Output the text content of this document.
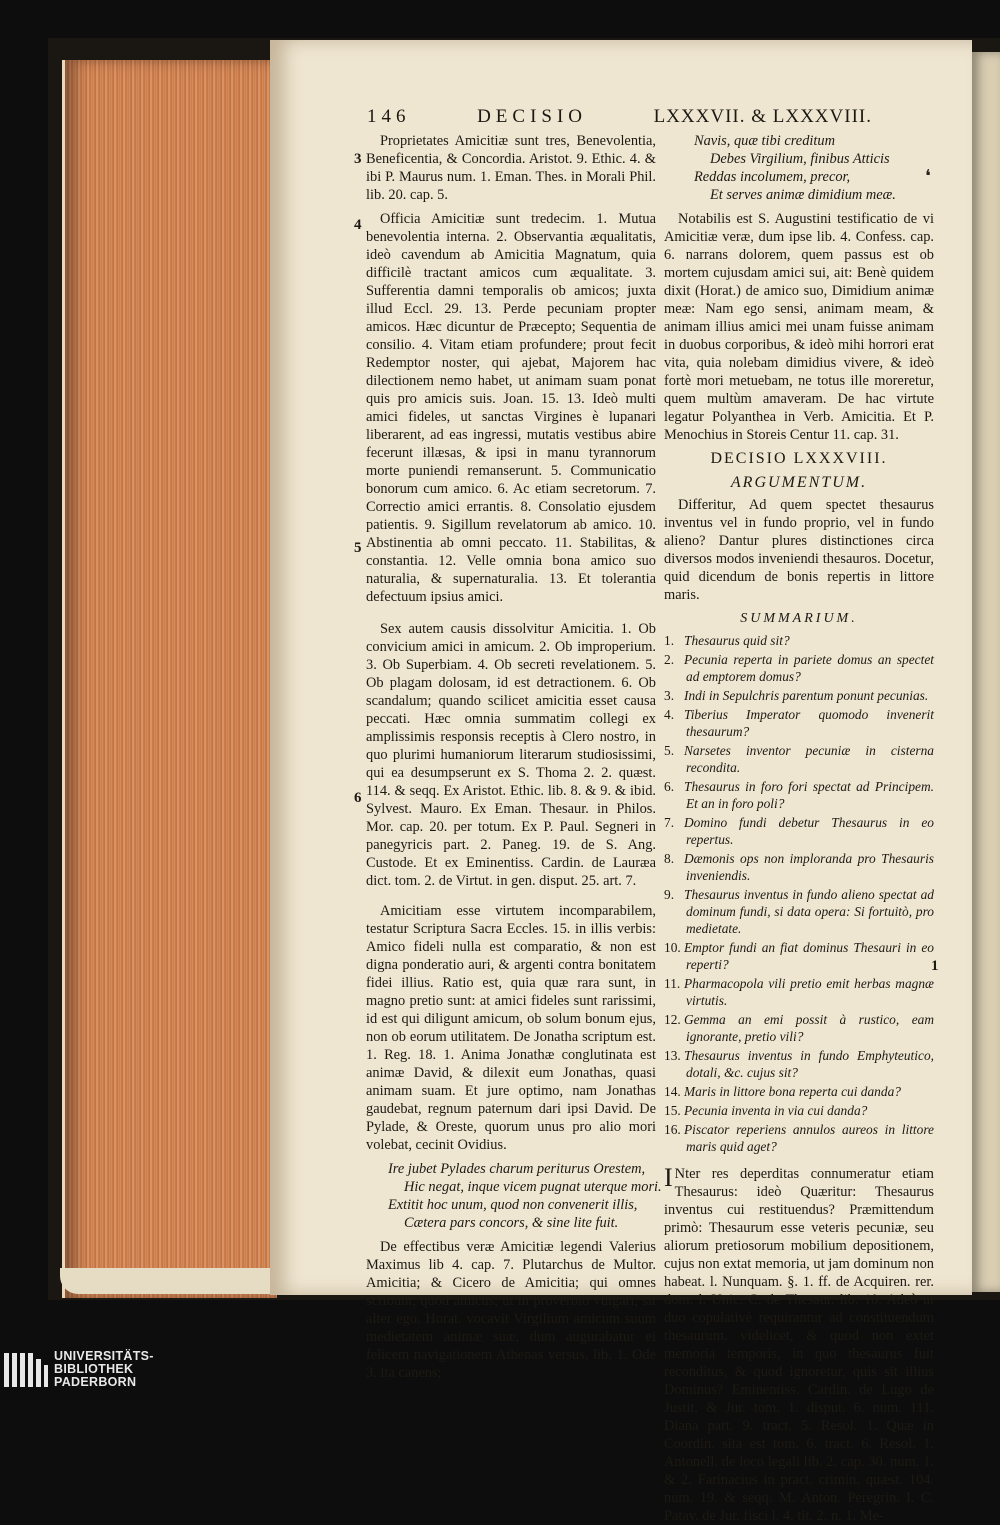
146	DECISIO	LXXXVII. & LXXXVIII.
3
4
5
6
1
❛

Proprietates Amicitiæ sunt tres, Benevolentia, Beneficentia, & Concordia. Aristot. 9. Ethic. 4. & ibi P. Maurus num. 1. Eman. Thes. in Morali Phil. lib. 20. cap. 5.

Officia Amicitiæ sunt tredecim. 1. Mutua benevolentia interna. 2. Observantia æqualitatis, ideò cavendum ab Amicitia Magnatum, quia difficilè tractant amicos cum æqualitate. 3. Sufferentia damni temporalis ob amicos; juxta illud Eccl. 29. 13. Perde pecuniam propter amicos. Hæc dicuntur de Præcepto; Sequentia de consilio. 4. Vitam etiam profundere; prout fecit Redemptor noster, qui ajebat, Majorem hac dilectionem nemo habet, ut animam suam ponat quis pro amicis suis. Joan. 15. 13. Ideò multi amici fideles, ut sanctas Virgines è lupanari liberarent, ad eas ingressi, mutatis vestibus abire fecerunt illæsas, & ipsi in manu tyrannorum morte puniendi remanserunt. 5. Communicatio bonorum cum amico. 6. Ac etiam secretorum. 7. Correctio amici errantis. 8. Consolatio ejusdem patientis. 9. Sigillum revelatorum ab amico. 10. Abstinentia ab omni peccato. 11. Stabilitas, & constantia. 12. Velle omnia bona amico suo naturalia, & supernaturalia. 13. Et tolerantia defectuum ipsius amici.

Sex autem causis dissolvitur Amicitia. 1. Ob convicium amici in amicum. 2. Ob improperium. 3. Ob Superbiam. 4. Ob secreti revelationem. 5. Ob plagam dolosam, id est detractionem. 6. Ob scandalum; quando scilicet amicitia esset causa peccati. Hæc omnia summatim collegi ex amplissimis responsis receptis à Clero nostro, in quo plurimi humaniorum literarum studiosissimi, qui ea desumpserunt ex S. Thoma 2. 2. quæst. 114. & seqq. Ex Aristot. Ethic. lib. 8. & 9. & ibid. Sylvest. Mauro. Ex Eman. Thesaur. in Philos. Mor. cap. 20. per totum. Ex P. Paul. Segneri in panegyricis part. 2. Paneg. 19. de S. Ang. Custode. Et ex Eminentiss. Cardin. de Lauræa dict. tom. 2. de Virtut. in gen. disput. 25. art. 7.

Amicitiam esse virtutem incomparabilem, testatur Scriptura Sacra Eccles. 15. in illis verbis: Amico fideli nulla est comparatio, & non est digna ponderatio auri, & argenti contra bonitatem fidei illius. Ratio est, quia quæ rara sunt, in magno pretio sunt: at amici fideles sunt rarissimi, id est qui diligunt amicum, ob solum bonum ejus, non ob eorum utilitatem. De Jonatha scriptum est. 1. Reg. 18. 1. Anima Jonathæ conglutinata est animæ David, & dilexit eum Jonathas, quasi animam suam. Et jure optimo, nam Jonathas gaudebat, regnum paternum dari ipsi David. De Pylade, & Oreste, quorum unus pro alio mori volebat, cecinit Ovidius.

Ire jubet Pylades charum periturus Orestem,
Hic negat, inque vicem pugnat uterque mori.
Extitit hoc unum, quod non convenerit illis,
Cætera pars concors, & sine lite fuit.

De effectibus veræ Amicitiæ legendi Valerius Maximus lib 4. cap. 7. Plutarchus de Multor. Amicitia; & Cicero de Amicitia; qui omnes scribunt, quod amicus, ut in proverbio vulgari, sit alter ego. Horat. vocavit Virgilium amicum suum medietatem animæ suæ, dum augurabatur ei felicem navigationem Athenas versus, lib. 1. Ode 3. ita canens;

Navis, quæ tibi creditum
Debes Virgilium, finibus Atticis
Reddas incolumem, precor,
Et serves animæ dimidium meæ.

Notabilis est S. Augustini testificatio de vi Amicitiæ veræ, dum ipse lib. 4. Confess. cap. 6. narrans dolorem, quem passus est ob mortem cujusdam amici sui, ait: Benè quidem dixit (Horat.) de amico suo, Dimidium animæ meæ: Nam ego sensi, animam meam, & animam illius amici mei unam fuisse animam in duobus corporibus, & ideò mihi horrori erat vita, quia nolebam dimidius vivere, & ideò fortè mori metuebam, ne totus ille moreretur, quem multùm amaveram. De hac virtute legatur Polyanthea in Verb. Amicitia. Et P. Menochius in Storeis Centur 11. cap. 31.

DECISIO LXXXVIII.

ARGUMENTUM.

Differitur, Ad quem spectet thesaurus inventus vel in fundo proprio, vel in fundo alieno? Dantur plures distinctiones circa diversos modos inveniendi thesauros. Docetur, quid dicendum de bonis repertis in littore maris.

SUMMARIUM.

1. Thesaurus quid sit?
2. Pecunia reperta in pariete domus an spectet ad emptorem domus?
3. Indi in Sepulchris parentum ponunt pecunias.
4. Tiberius Imperator quomodo invenerit thesaurum?
5. Narsetes inventor pecuniæ in cisterna recondita.
6. Thesaurus in foro fori spectat ad Principem. Et an in foro poli?
7. Domino fundi debetur Thesaurus in eo repertus.
8. Dæmonis ops non imploranda pro Thesauris inveniendis.
9. Thesaurus inventus in fundo alieno spectat ad dominum fundi, si data opera: Si fortuitò, pro medietate.
10. Emptor fundi an fiat dominus Thesauri in eo reperti?
11. Pharmacopola vili pretio emit herbas magnæ virtutis.
12. Gemma an emi possit à rustico, eam ignorante, pretio vili?
13. Thesaurus inventus in fundo Emphyteutico, dotali, &c. cujus sit?
14. Maris in littore bona reperta cui danda?
15. Pecunia inventa in via cui danda?
16. Piscator reperiens annulos aureos in littore maris quid aget?

I Nter res deperditas connumeratur etiam Thesaurus: ideò Quæritur: Thesaurus inventus cui restituendus? Præmittendum primò: Thesaurum esse veteris pecuniæ, seu aliorum pretiosorum mobilium depositionem, cujus non extat memoria, ut jam dominum non habeat. l. Nunquam. §. 1. ff. de Acquiren. rer. dom. l. Unic. C. de Thesaur. lib. 10. Adeò ut duo copulativè requirantur ad constituendum thesaurum, videlicet, & quod non extet memoria temporis, in quo thesaurus fuit reconditus, & quod ignoretur, quis sit illius Dominus? Eminentiss. Cardin. de Lugo de Justit. & Jur. tom. 1. disput. 6. num. 111. Diana part. 9. tract. 5. Resol. 1. Quæ in Coordin. sita est tom. 6. tract. 6. Resol. 1. Antonell. de loco legali lib. 2. cap. 30. num. 1. & 2. Farinacius in pract. crimin. quæst. 104. num. 19. & seqq. M. Anton. Peregrin. l. C. Patav. de Jur. fisci l. 4. tit. 2. n. 1. Me-

UNIVERSITÄTS-
BIBLIOTHEK
PADERBORN
